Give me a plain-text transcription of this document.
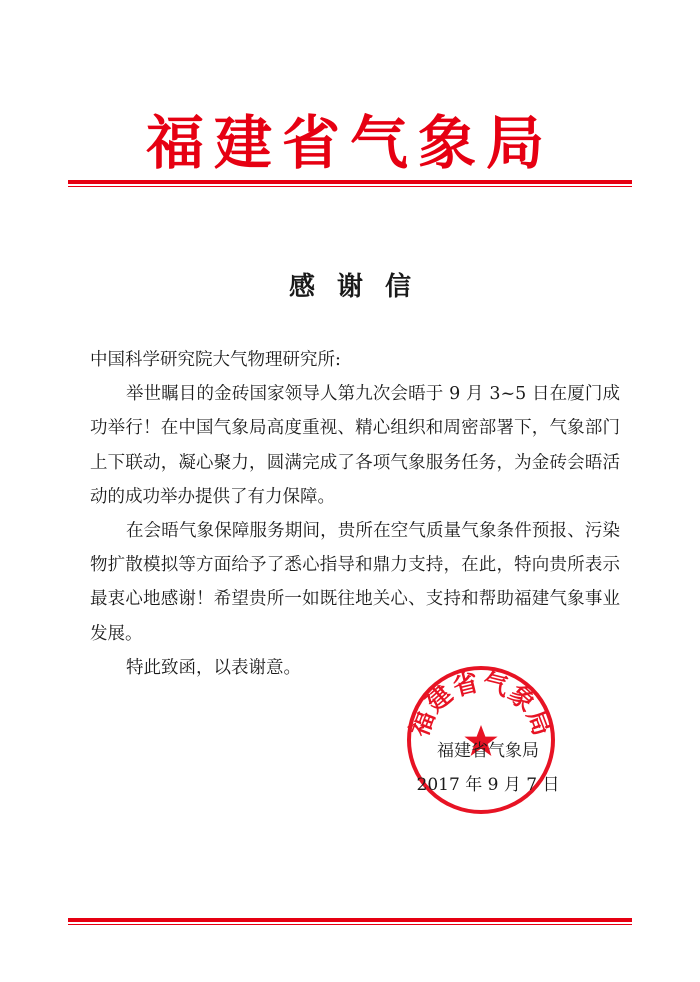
福建省气象局
感谢信

中国科学研究院大气物理研究所:

举世瞩目的金砖国家领导人第九次会晤于 9 月 3~5 日在厦门成功举行！在中国气象局高度重视、精心组织和周密部署下，气象部门上下联动，凝心聚力，圆满完成了各项气象服务任务，为金砖会晤活动的成功举办提供了有力保障。

在会晤气象保障服务期间，贵所在空气质量气象条件预报、污染物扩散模拟等方面给予了悉心指导和鼎力支持，在此，特向贵所表示最衷心地感谢！希望贵所一如既往地关心、支持和帮助福建气象事业发展。

特此致函，以表谢意。

福建省气象局
福建省气象局
2017 年 9 月 7 日
